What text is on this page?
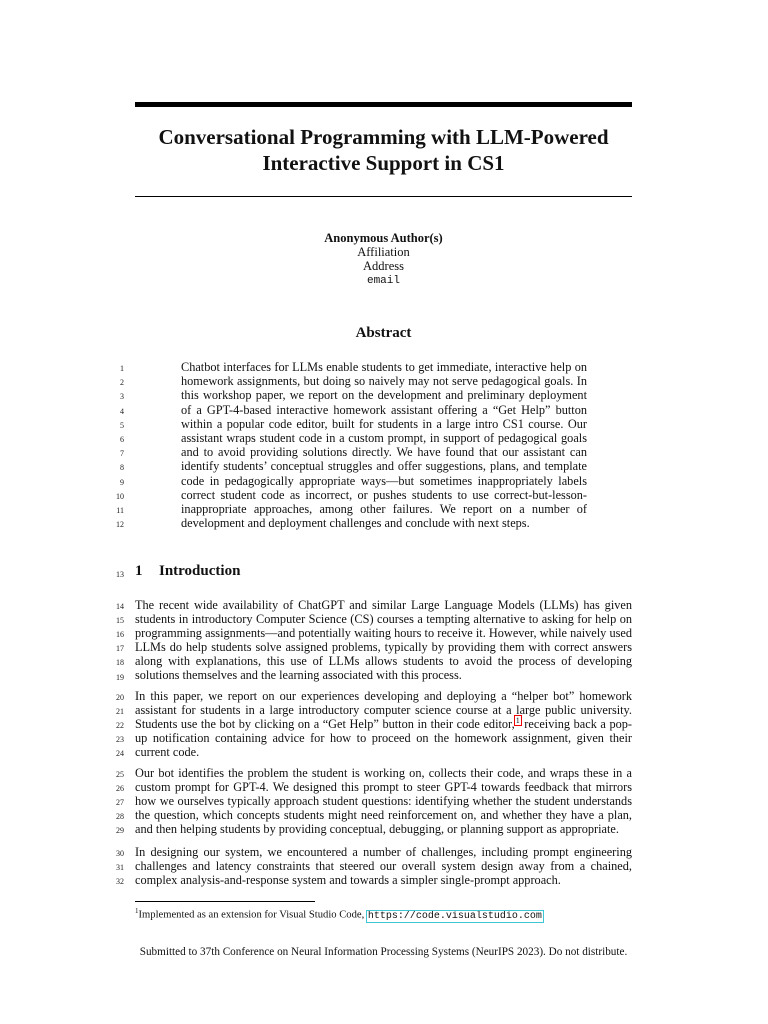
Conversational Programming with LLM-Powered Interactive Support in CS1
Anonymous Author(s)
Affiliation
Address
email
Abstract

Chatbot interfaces for LLMs enable students to get immediate, interactive help on homework assignments, but doing so naively may not serve pedagogical goals. In this workshop paper, we report on the development and preliminary deployment of a GPT-4-based interactive homework assistant offering a “Get Help” button within a popular code editor, built for students in a large intro CS1 course. Our assistant wraps student code in a custom prompt, in support of pedagogical goals and to avoid providing solutions directly. We have found that our assistant can identify students’ conceptual struggles and offer suggestions, plans, and template code in pedagogically appropriate ways—but sometimes inappropriately labels correct student code as incorrect, or pushes students to use correct-but-lesson-inappropriate approaches, among other failures. We report on a number of development and deployment challenges and conclude with next steps.

1 Introduction

The recent wide availability of ChatGPT and similar Large Language Models (LLMs) has given students in introductory Computer Science (CS) courses a tempting alternative to asking for help on programming assignments—and potentially waiting hours to receive it. However, while naively used LLMs do help students solve assigned problems, typically by providing them with correct answers along with explanations, this use of LLMs allows students to avoid the process of developing solutions themselves and the learning associated with this process.

In this paper, we report on our experiences developing and deploying a “helper bot” homework assistant for students in a large introductory computer science course at a large public university. Students use the bot by clicking on a “Get Help” button in their code editor,$^1$ receiving back a pop-up notification containing advice for how to proceed on the homework assignment, given their current code.

Our bot identifies the problem the student is working on, collects their code, and wraps these in a custom prompt for GPT-4. We designed this prompt to steer GPT-4 towards feedback that mirrors how we ourselves typically approach student questions: identifying whether the student understands the question, which concepts students might need reinforcement on, and whether they have a plan, and then helping students by providing conceptual, debugging, or planning support as appropriate.

In designing our system, we encountered a number of challenges, including prompt engineering challenges and latency constraints that steered our overall system design away from a chained, complex analysis-and-response system and towards a simpler single-prompt approach.

$^1$Implemented as an extension for Visual Studio Code, https://code.visualstudio.com

Submitted to 37th Conference on Neural Information Processing Systems (NeurIPS 2023). Do not distribute.

1
2
3
4
5
6
7
8
9
10
11
12
13
14
15
16
17
18
19
20
21
22
23
24
25
26
27
28
29
30
31
32
